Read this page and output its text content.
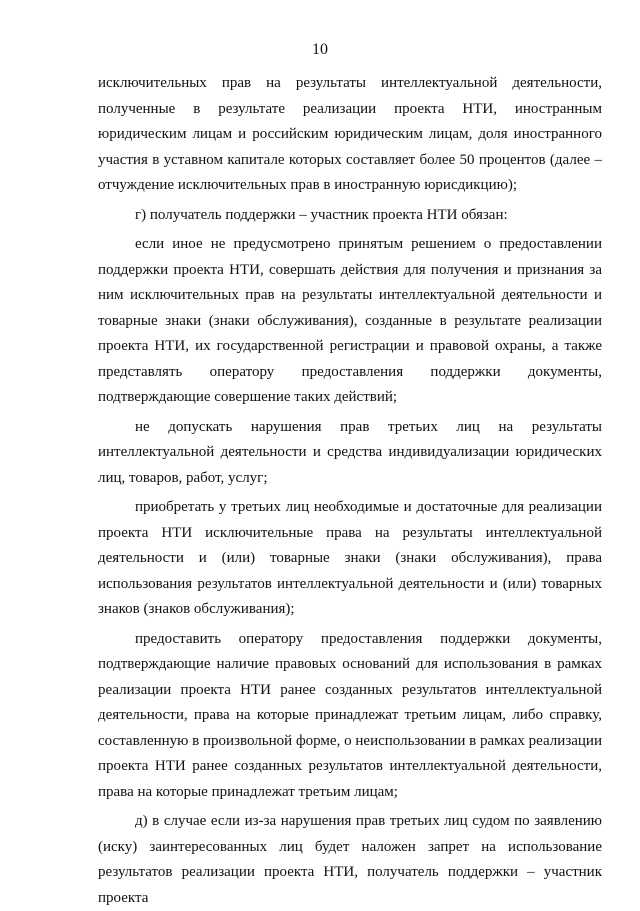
10

исключительных прав на результаты интеллектуальной деятельности, полученные в результате реализации проекта НТИ, иностранным юридическим лицам и российским юридическим лицам, доля иностранного участия в уставном капитале которых составляет более 50 процентов (далее – отчуждение исключительных прав в иностранную юрисдикцию);

г) получатель поддержки – участник проекта НТИ обязан:

если иное не предусмотрено принятым решением о предоставлении поддержки проекта НТИ, совершать действия для получения и признания за ним исключительных прав на результаты интеллектуальной деятельности и товарные знаки (знаки обслуживания), созданные в результате реализации проекта НТИ, их государственной регистрации и правовой охраны, а также представлять оператору предоставления поддержки документы, подтверждающие совершение таких действий;

не допускать нарушения прав третьих лиц на результаты интеллектуальной деятельности и средства индивидуализации юридических лиц, товаров, работ, услуг;

приобретать у третьих лиц необходимые и достаточные для реализации проекта НТИ исключительные права на результаты интеллектуальной деятельности и (или) товарные знаки (знаки обслуживания), права использования результатов интеллектуальной деятельности и (или) товарных знаков (знаков обслуживания);

предоставить оператору предоставления поддержки документы, подтверждающие наличие правовых оснований для использования в рамках реализации проекта НТИ ранее созданных результатов интеллектуальной деятельности, права на которые принадлежат третьим лицам, либо справку, составленную в произвольной форме, о неиспользовании в рамках реализации проекта НТИ ранее созданных результатов интеллектуальной деятельности, права на которые принадлежат третьим лицам;

д) в случае если из-за нарушения прав третьих лиц судом по заявлению (иску) заинтересованных лиц будет наложен запрет на использование результатов реализации проекта НТИ, получатель поддержки – участник проекта
